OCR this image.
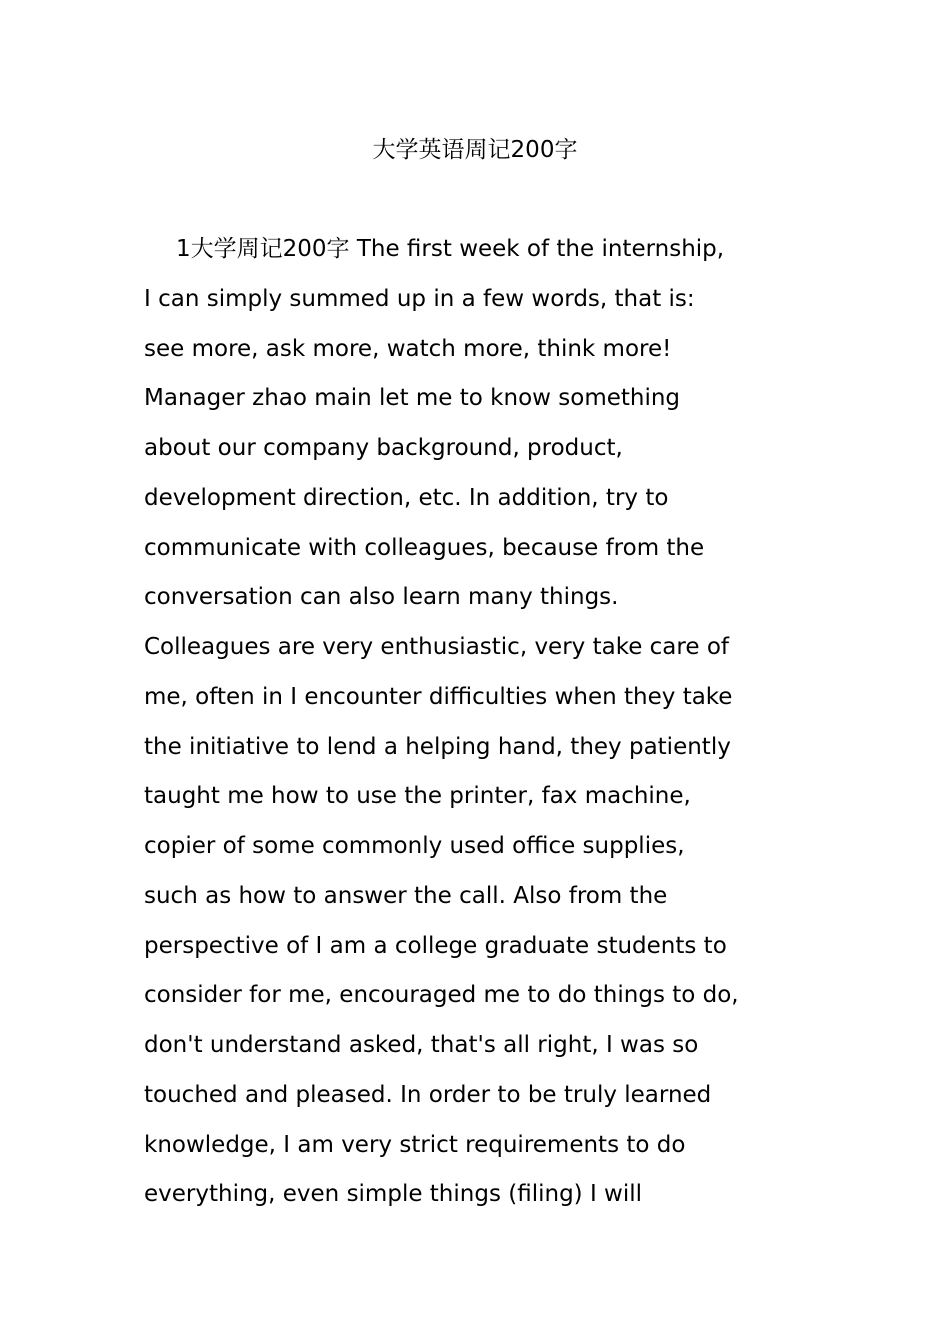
大学英语周记200字
1大学周记200字 The first week of the internship,
I can simply summed up in a few words, that is:
see more, ask more, watch more, think more!
Manager zhao main let me to know something
about our company background, product,
development direction, etc. In addition, try to
communicate with colleagues, because from the
conversation can also learn many things.
Colleagues are very enthusiastic, very take care of
me, often in I encounter difficulties when they take
the initiative to lend a helping hand, they patiently
taught me how to use the printer, fax machine,
copier of some commonly used office supplies,
such as how to answer the call. Also from the
perspective of I am a college graduate students to
consider for me, encouraged me to do things to do,
don't understand asked, that's all right, I was so
touched and pleased. In order to be truly learned
knowledge, I am very strict requirements to do
everything, even simple things (filing) I will
